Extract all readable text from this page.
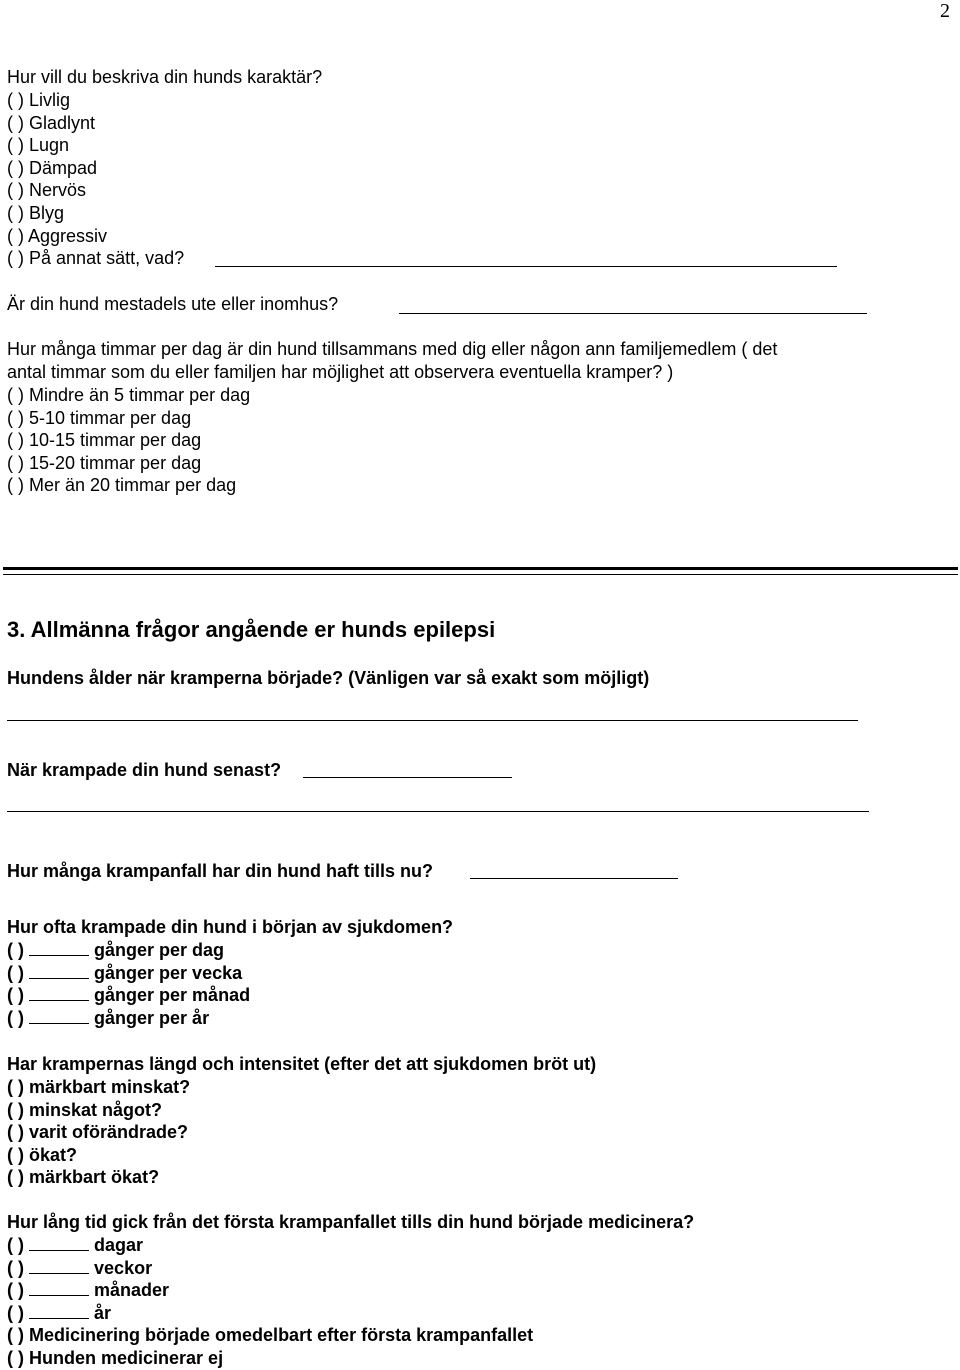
2
Hur vill du beskriva din hunds karaktär?
( ) Livlig
( ) Gladlynt
( ) Lugn
( ) Dämpad
( ) Nervös
( ) Blyg
( ) Aggressiv
( ) På annat sätt, vad?
Är din hund mestadels ute eller inomhus?
Hur många timmar per dag är din hund tillsammans med dig eller någon ann familjemedlem ( det
antal timmar som du eller familjen har möjlighet att observera eventuella kramper? )
( ) Mindre än 5 timmar per dag
( ) 5-10 timmar per dag
( ) 10-15 timmar per dag
( ) 15-20 timmar per dag
( ) Mer än 20 timmar per dag
3. Allmänna frågor angående er hunds epilepsi
Hundens ålder när kramperna började? (Vänligen var så exakt som möjligt)
När krampade din hund senast?
Hur många krampanfall har din hund haft tills nu?
Hur ofta krampade din hund i början av sjukdomen?
( )	gånger per dag
( )	gånger per vecka
( )	gånger per månad
( )	gånger per år
Har krampernas längd och intensitet (efter det att sjukdomen bröt ut)
( ) märkbart minskat?
( ) minskat något?
( ) varit oförändrade?
( ) ökat?
( ) märkbart ökat?
Hur lång tid gick från det första krampanfallet tills din hund började medicinera?
( )	dagar
( )	veckor
( )	månader
( )	år
( ) Medicinering började omedelbart efter första krampanfallet
( ) Hunden medicinerar ej
